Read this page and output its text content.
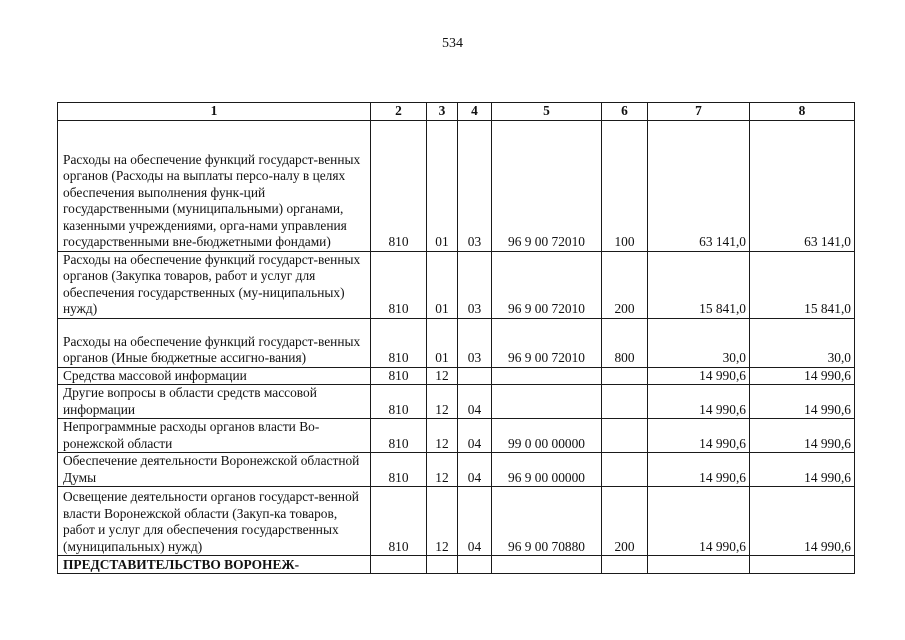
534
1	2	3	4	5	6	7	8
Расходы на обеспечение функций государст-венных органов (Расходы на выплаты персо-налу в целях обеспечения выполнения функ-ций государственными (муниципальными) органами, казенными учреждениями, орга-нами управления государственными вне-бюджетными фондами)	810	01	03	96 9 00 72010	100	63 141,0	63 141,0
Расходы на обеспечение функций государст-венных органов (Закупка товаров, работ и услуг для обеспечения государственных (му-ниципальных) нужд)	810	01	03	96 9 00 72010	200	15 841,0	15 841,0
Расходы на обеспечение функций государст-венных органов (Иные бюджетные ассигно-вания)	810	01	03	96 9 00 72010	800	30,0	30,0
Средства массовой информации	810	12				14 990,6	14 990,6
Другие вопросы в области средств массовой информации	810	12	04			14 990,6	14 990,6
Непрограммные расходы органов власти Во-ронежской области	810	12	04	99 0 00 00000		14 990,6	14 990,6
Обеспечение деятельности Воронежской областной Думы	810	12	04	96 9 00 00000		14 990,6	14 990,6
Освещение деятельности органов государст-венной власти Воронежской области (Закуп-ка товаров, работ и услуг для обеспечения государственных (муниципальных) нужд)	810	12	04	96 9 00 70880	200	14 990,6	14 990,6
ПРЕДСТАВИТЕЛЬСТВО ВОРОНЕЖ-							
